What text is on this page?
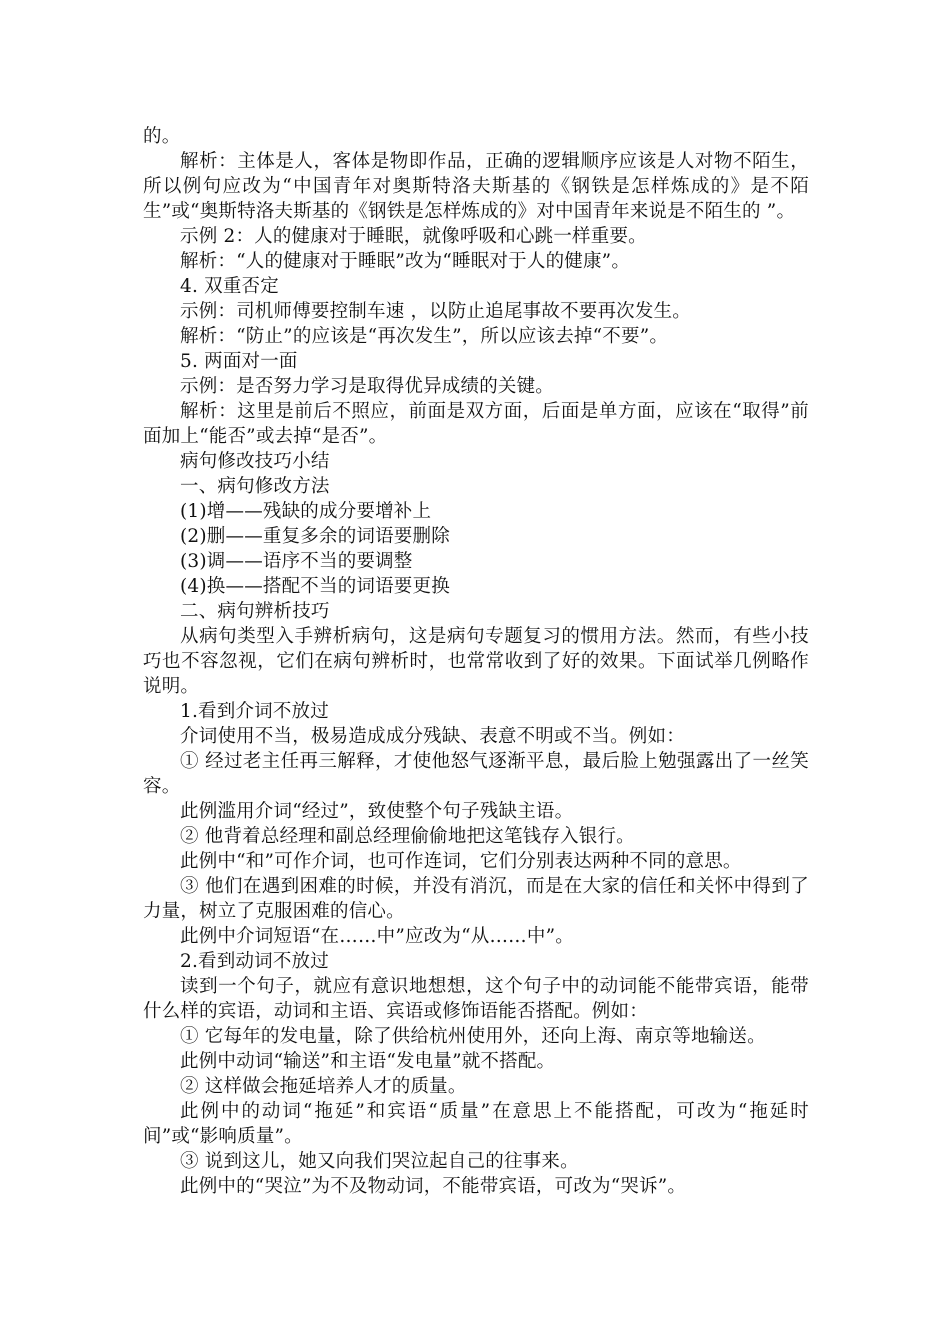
的。

解析：主体是人，客体是物即作品，正确的逻辑顺序应该是人对物不陌生，所以例句应改为“中国青年对奥斯特洛夫斯基的《钢铁是怎样炼成的》是不陌生”或“奥斯特洛夫斯基的《钢铁是怎样炼成的》对中国青年来说是不陌生的 ”。

示例 2：人的健康对于睡眠，就像呼吸和心跳一样重要。

解析：“人的健康对于睡眠”改为“睡眠对于人的健康”。

4. 双重否定

示例：司机师傅要控制车速 ，以防止追尾事故不要再次发生。

解析：“防止”的应该是“再次发生”，所以应该去掉“不要”。

5. 两面对一面

示例：是否努力学习是取得优异成绩的关键。

解析：这里是前后不照应，前面是双方面，后面是单方面，应该在“取得”前面加上“能否”或去掉“是否”。

病句修改技巧小结

一、病句修改方法

(1)增——残缺的成分要增补上

(2)删——重复多余的词语要删除

(3)调——语序不当的要调整

(4)换——搭配不当的词语要更换

二、病句辨析技巧

从病句类型入手辨析病句，这是病句专题复习的惯用方法。然而，有些小技巧也不容忽视，它们在病句辨析时，也常常收到了好的效果。下面试举几例略作说明。

1.看到介词不放过

介词使用不当，极易造成成分残缺、表意不明或不当。例如：

① 经过老主任再三解释，才使他怒气逐渐平息，最后脸上勉强露出了一丝笑容。

此例滥用介词“经过”，致使整个句子残缺主语。

② 他背着总经理和副总经理偷偷地把这笔钱存入银行。

此例中“和”可作介词，也可作连词，它们分别表达两种不同的意思。

③ 他们在遇到困难的时候，并没有消沉，而是在大家的信任和关怀中得到了力量，树立了克服困难的信心。

此例中介词短语“在……中”应改为“从……中”。

2.看到动词不放过

读到一个句子，就应有意识地想想，这个句子中的动词能不能带宾语，能带什么样的宾语，动词和主语、宾语或修饰语能否搭配。例如：

① 它每年的发电量，除了供给杭州使用外，还向上海、南京等地输送。

此例中动词“输送”和主语“发电量”就不搭配。

② 这样做会拖延培养人才的质量。

此例中的动词“拖延”和宾语“质量”在意思上不能搭配，可改为“拖延时间”或“影响质量”。

③ 说到这儿，她又向我们哭泣起自己的往事来。

此例中的“哭泣”为不及物动词，不能带宾语，可改为“哭诉”。
